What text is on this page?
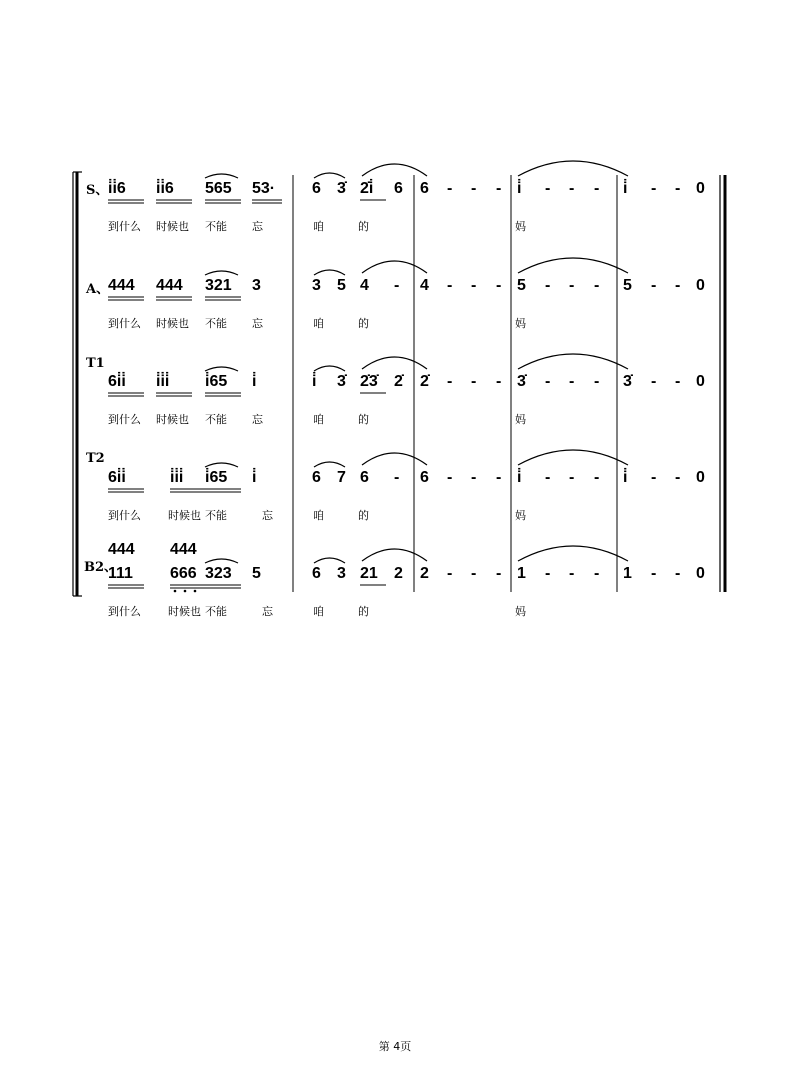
S、 i̇i̇6 i̇i̇6 565 53· 6 3̇ 2̇i̇ 6 6 - - - i̇ - - - i̇ - - 0
到什么 时候也 不能 忘	咱	的	妈
A、
444 444 321 3	3 5 4 - 4 - - - 5 - - - 5 - - 0
到什么 时候也 不能 忘	咱	的	妈
T1
6i̇i̇ i̇i̇i̇ i̇65 i̇	i̇ 3̇ 2̇3̇ 2̇ 2̇ - - - 3̇ - - - 3̇ - - 0
到什么 时候也 不能 忘	咱	的	妈
T2
6i̇i̇	i̇i̇i̇ i̇65 i̇	6 7 6 - 6 - - - i̇ - - - i̇ - - 0
到什么 时候也 不能	忘	咱	的	妈
B2、
444 444
111 666 323 5	6 3 21 2 2 - - - 1 - - - 1 - - 0
到什么 时候也 不能	忘	咱	的	妈
第 4页
